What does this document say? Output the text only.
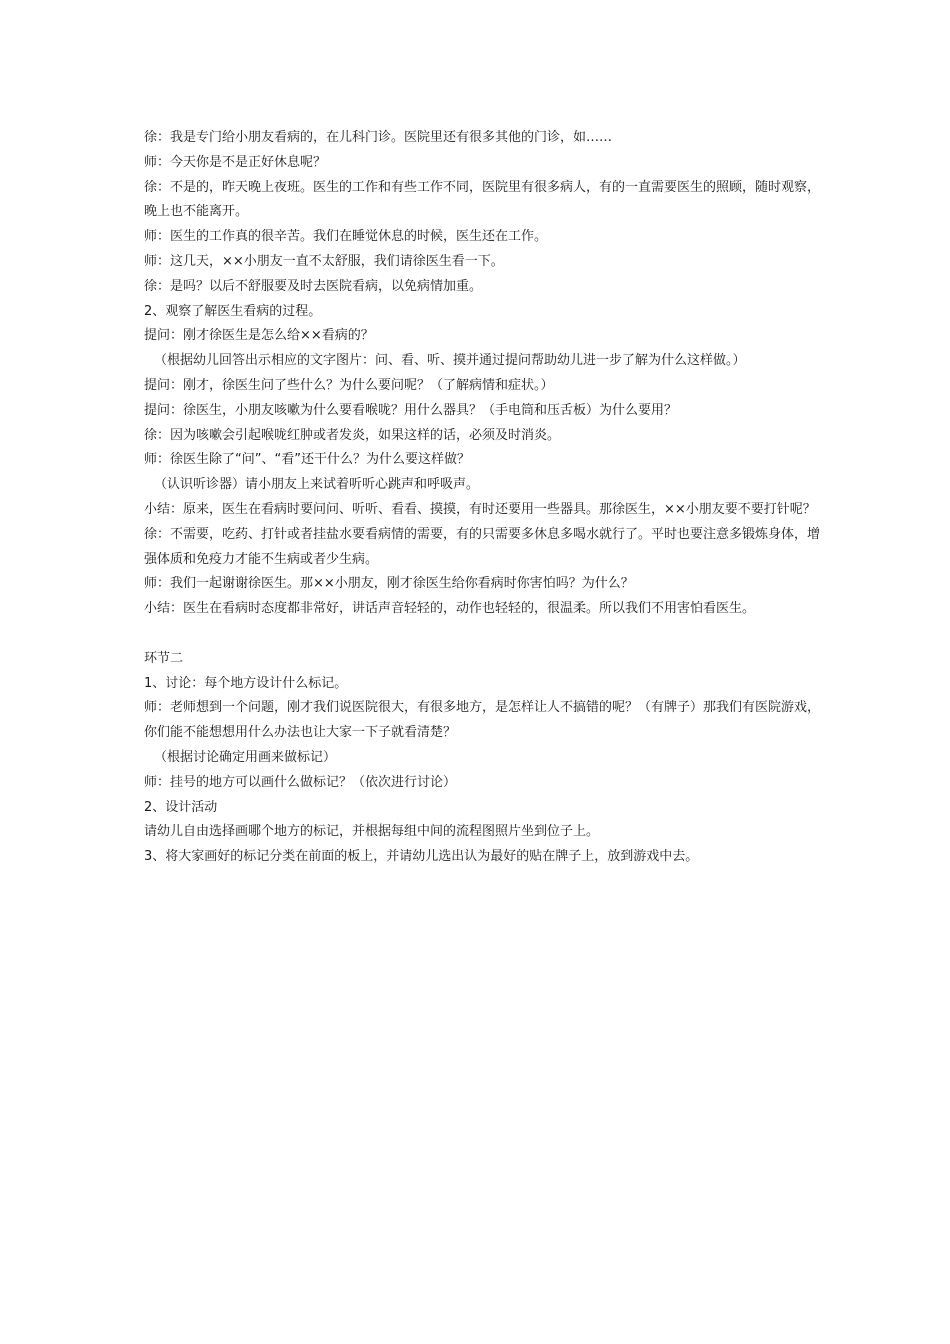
徐：我是专门给小朋友看病的，在儿科门诊。医院里还有很多其他的门诊，如……

师：今天你是不是正好休息呢？

徐：不是的，昨天晚上夜班。医生的工作和有些工作不同，医院里有很多病人，有的一直需要医生的照顾，随时观察，晚上也不能离开。

师：医生的工作真的很辛苦。我们在睡觉休息的时候，医生还在工作。

师：这几天，××小朋友一直不太舒服，我们请徐医生看一下。

徐：是吗？以后不舒服要及时去医院看病，以免病情加重。

2、观察了解医生看病的过程。

提问：刚才徐医生是怎么给××看病的？

（根据幼儿回答出示相应的文字图片：问、看、听、摸并通过提问帮助幼儿进一步了解为什么这样做。）

提问：刚才，徐医生问了些什么？为什么要问呢？（了解病情和症状。）

提问：徐医生，小朋友咳嗽为什么要看喉咙？用什么器具？（手电筒和压舌板）为什么要用？

徐：因为咳嗽会引起喉咙红肿或者发炎，如果这样的话，必须及时消炎。

师：徐医生除了“问”、“看”还干什么？为什么要这样做？

（认识听诊器）请小朋友上来试着听听心跳声和呼吸声。

小结：原来，医生在看病时要问问、听听、看看、摸摸，有时还要用一些器具。那徐医生，××小朋友要不要打针呢？

徐：不需要，吃药、打针或者挂盐水要看病情的需要，有的只需要多休息多喝水就行了。平时也要注意多锻炼身体，增强体质和免疫力才能不生病或者少生病。

师：我们一起谢谢徐医生。那××小朋友，刚才徐医生给你看病时你害怕吗？为什么？

小结：医生在看病时态度都非常好，讲话声音轻轻的，动作也轻轻的，很温柔。所以我们不用害怕看医生。

环节二

1、讨论：每个地方设计什么标记。

师：老师想到一个问题，刚才我们说医院很大，有很多地方，是怎样让人不搞错的呢？（有牌子）那我们有医院游戏，你们能不能想想用什么办法也让大家一下子就看清楚？

（根据讨论确定用画来做标记）

师：挂号的地方可以画什么做标记？（依次进行讨论）

2、设计活动

请幼儿自由选择画哪个地方的标记，并根据每组中间的流程图照片坐到位子上。

3、将大家画好的标记分类在前面的板上，并请幼儿选出认为最好的贴在牌子上，放到游戏中去。
